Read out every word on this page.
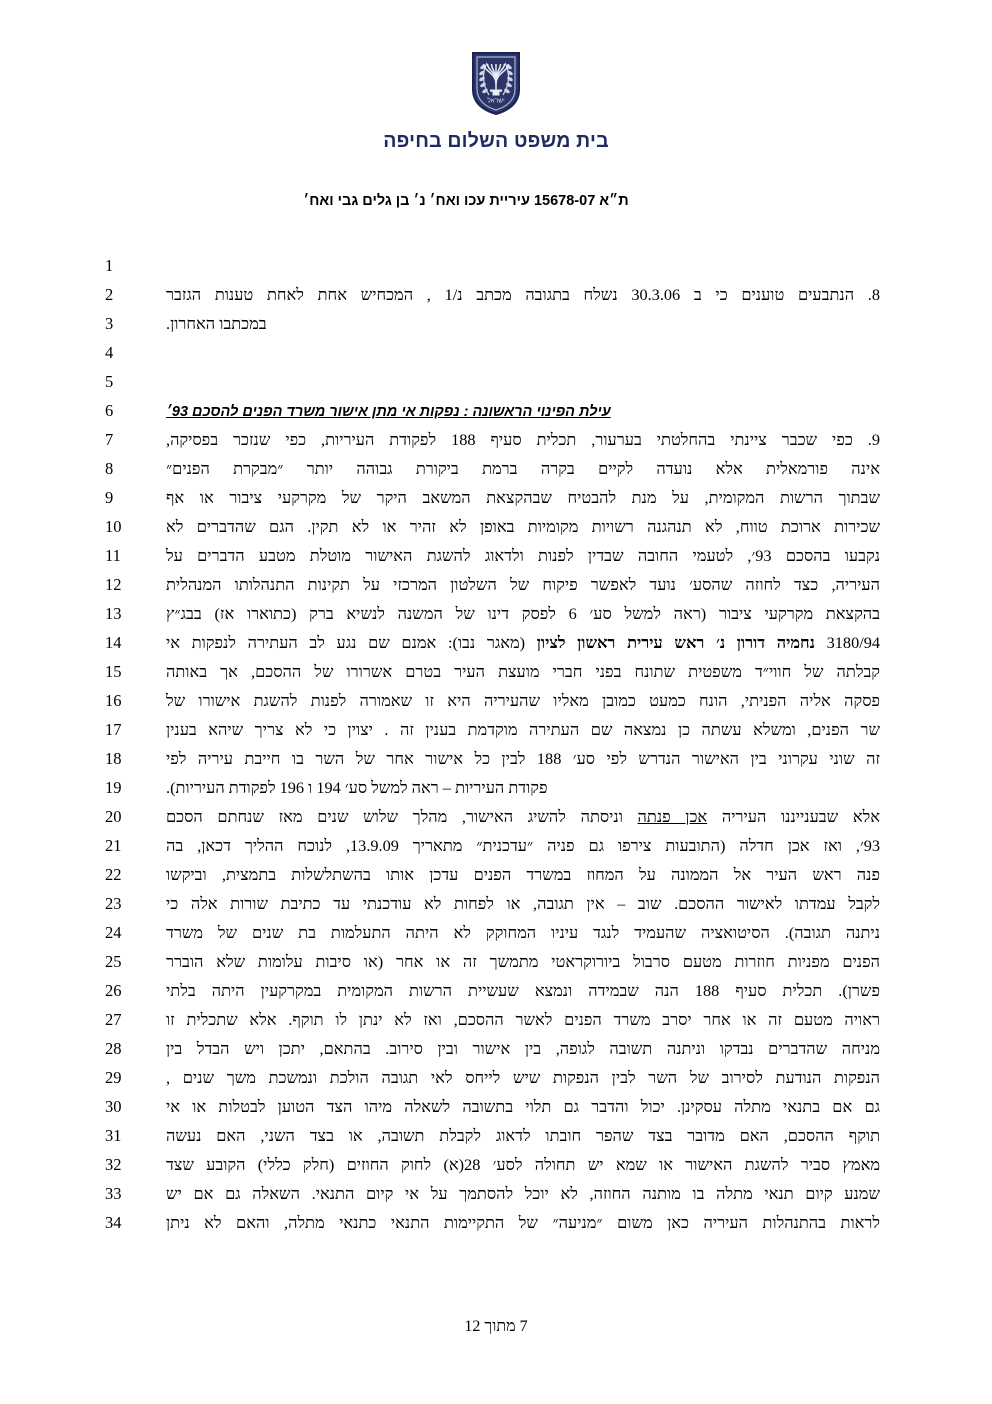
ישראל
בית משפט השלום בחיפה
ת״א 15678-07 עיריית עכו ואח׳ נ׳ בן גלים גבי ואח׳
1
2	8. הנתבעים טוענים כי ב 30.3.06 נשלח בתגובה מכתב נ/1 , המכחיש אחת לאחת טענות הגזבר
3	במכתבו האחרון.
4
5
6	עילת הפינוי הראשונה : נפקות אי מתן אישור משרד הפנים להסכם 93׳
7	9. כפי שכבר ציינתי בהחלטתי בערעור, תכלית סעיף 188 לפקודת העיריות, כפי שנזכר בפסיקה,
8	אינה פורמאלית אלא נועדה לקיים בקרה ברמת ביקורת גבוהה יותר ״מבקרת הפנים״
9	שבתוך הרשות המקומית, על מנת להבטיח שבהקצאת המשאב היקר של מקרקעי ציבור או אף
10	שכירות ארוכת טווח, לא תנהגנה רשויות מקומיות באופן לא זהיר או לא תקין. הגם שהדברים לא
11	נקבעו בהסכם 93׳, לטעמי החובה שבדין לפנות ולדאוג להשגת האישור מוטלת מטבע הדברים על
12	העיריה, כצד לחוזה שהסע׳ נועד לאפשר פיקוח של השלטון המרכזי על תקינות התנהלותו המנהלית
13	בהקצאת מקרקעי ציבור (ראה למשל סע׳ 6 לפסק דינו של המשנה לנשיא ברק (כתוארו אז) בבג״ץ
14	3180/94 נחמיה דורון נ׳ ראש עירית ראשון לציון (מאגר נבו): אמנם שם נגע לב העתירה לנפקות אי
15	קבלתה של חווי״ד משפטית שתונח בפני חברי מועצת העיר בטרם אשרורו של ההסכם, אך באותה
16	פסקה אליה הפניתי, הונח כמעט כמובן מאליו שהעיריה היא זו שאמורה לפנות להשגת אישורו של
17	שר הפנים, ומשלא עשתה כן נמצאה שם העתירה מוקדמת בענין זה . יצוין כי לא צריך שיהא בענין
18	זה שוני עקרוני בין האישור הנדרש לפי סע׳ 188 לבין כל אישור אחר של השר בו חייבת עיריה לפי
19	פקודת העיריות – ראה למשל סע׳ 194 ו 196 לפקודת העיריות).
20	אלא שבענייננו העיריה אכן פנתה וניסתה להשיג האישור, מהלך שלוש שנים מאז שנחתם הסכם
21	93׳, ואז אכן חדלה (התובעות צירפו גם פניה ״עדכנית״ מתאריך 13.9.09, לנוכח ההליך דכאן, בה
22	פנה ראש העיר אל הממונה על המחוז במשרד הפנים עדכן אותו בהשתלשלות בתמצית, וביקשו
23	לקבל עמדתו לאישור ההסכם. שוב – אין תגובה, או לפחות לא עודכנתי עד כתיבת שורות אלה כי
24	ניתנה תגובה). הסיטואציה שהעמיד לנגד עיניו המחוקק לא היתה התעלמות בת שנים של משרד
25	הפנים מפניות חוזרות מטעם סרבול ביורוקראטי מתמשך זה או אחר (או סיבות עלומות שלא הוברר
26	פשרן). תכלית סעיף 188 הנה שבמידה ונמצא שעשיית הרשות המקומית במקרקעין היתה בלתי
27	ראויה מטעם זה או אחר יסרב משרד הפנים לאשר ההסכם, ואז לא ינתן לו תוקף. אלא שתכלית זו
28	מניחה שהדברים נבדקו וניתנה תשובה לגופה, בין אישור ובין סירוב. בהתאם, יתכן ויש הבדל בין
29	הנפקות הנודעת לסירוב של השר לבין הנפקות שיש לייחס לאי תגובה הולכת ונמשכת משך שנים ,
30	גם אם בתנאי מתלה עסקינן. יכול והדבר גם תלוי בתשובה לשאלה מיהו הצד הטוען לבטלות או אי
31	תוקף ההסכם, האם מדובר בצד שהפר חובתו לדאוג לקבלת תשובה, או בצד השני, האם נעשה
32	מאמץ סביר להשגת האישור או שמא יש תחולה לסע׳ 28(א) לחוק החוזים (חלק כללי) הקובע שצד
33	שמנע קיום תנאי מתלה בו מותנה החוזה, לא יוכל להסתמך על אי קיום התנאי. השאלה גם אם יש
34	לראות בהתנהלות העיריה כאן משום ״מניעה״ של התקיימות התנאי כתנאי מתלה, והאם לא ניתן
7 מתוך 12
